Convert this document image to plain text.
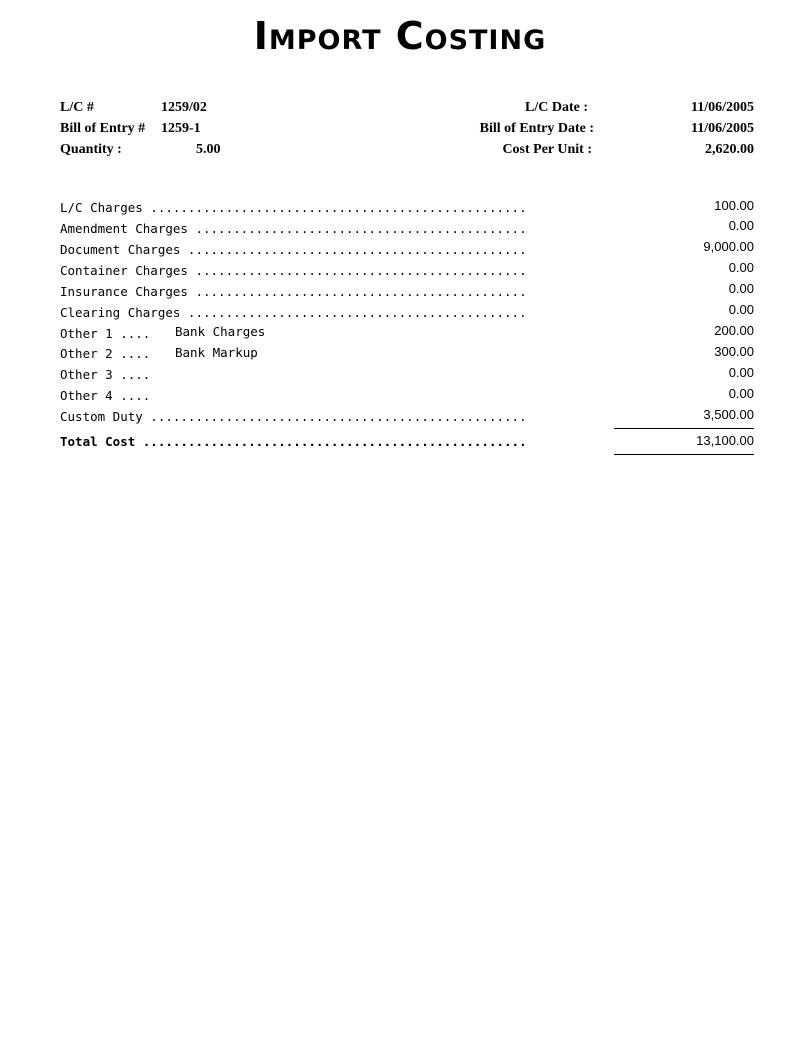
Import Costing
L/C #	1259/02
Bill of Entry # 1259-1
Quantity :	5.00
L/C Date :	11/06/2005
Bill of Entry Date :	11/06/2005
Cost Per Unit :	2,620.00
L/C Charges ..................................................	100.00
Amendment Charges ............................................	0.00
Document Charges .............................................	9,000.00
Container Charges ............................................	0.00
Insurance Charges ............................................	0.00
Clearing Charges .............................................	0.00
Other 1 .... Bank Charges	200.00
Other 2 .... Bank Markup	300.00
Other 3 ....	0.00
Other 4 ....	0.00
Custom Duty ..................................................	3,500.00
Total Cost ...................................................	13,100.00
